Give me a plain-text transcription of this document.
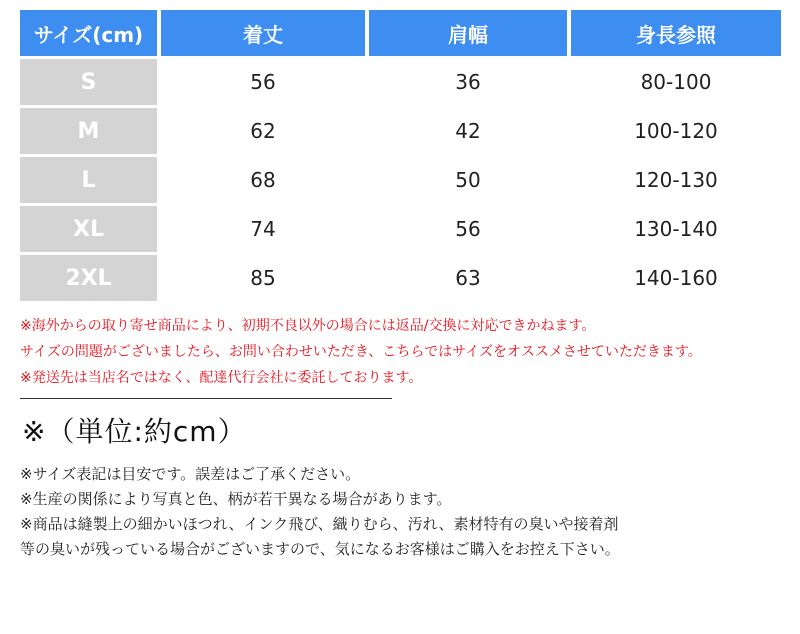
サイズ(cm)	着丈	肩幅	身長参照
S	56	36	80-100
M	62	42	100-120
L	68	50	120-130
XL	74	56	130-140
2XL	85	63	140-160
※海外からの取り寄せ商品により、初期不良以外の場合には返品/交換に対応できかねます。
サイズの問題がございましたら、お問い合わせいただき、こちらではサイズをオススメさせていただきます。
※発送先は当店名ではなく、配達代行会社に委託しております。
※（単位:約cm）
※サイズ表記は目安です。誤差はご了承ください。
※生産の関係により写真と色、柄が若干異なる場合があります。
※商品は縫製上の細かいほつれ、インク飛び、織りむら、汚れ、素材特有の臭いや接着剤
等の臭いが残っている場合がございますので、気になるお客様はご購入をお控え下さい。
